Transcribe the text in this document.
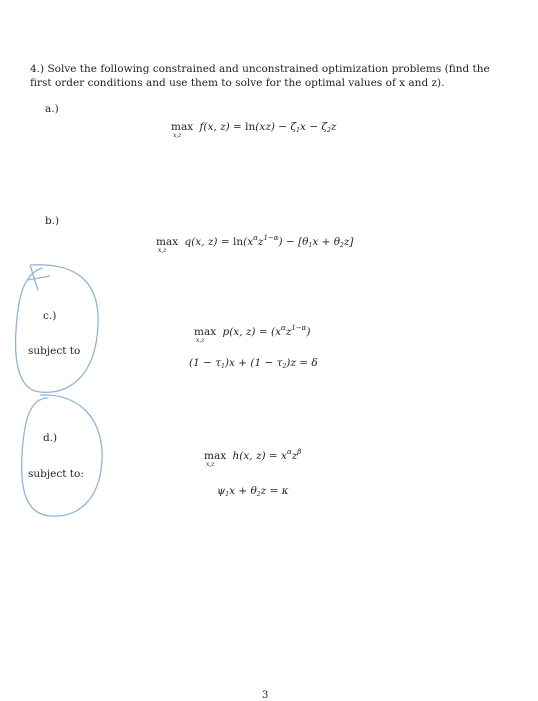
4.) Solve the following constrained and unconstrained optimization problems (find the
first order conditions and use them to solve for the optimal values of x and z).
a.)
max
x,z
f(x, $z) = \ln(xz) - \zeta_1x - \zeta_2z$
b.)
max
x,z
q(x, $z) = \ln(x^\alpha z^{1-\alpha}) - [\theta_1x + \theta_2z]$
c.)
subject to
max
x,z
p(x, $z) = (x^\alpha z^{1-\alpha})$
$(1 - \tau_1)x + (1 - \tau_2)z = \delta$
d.)
subject to:
max
x,z
h(x, $z) = x^\alpha z^\beta$
$\psi_1x + \theta_2z = \kappa$
3
